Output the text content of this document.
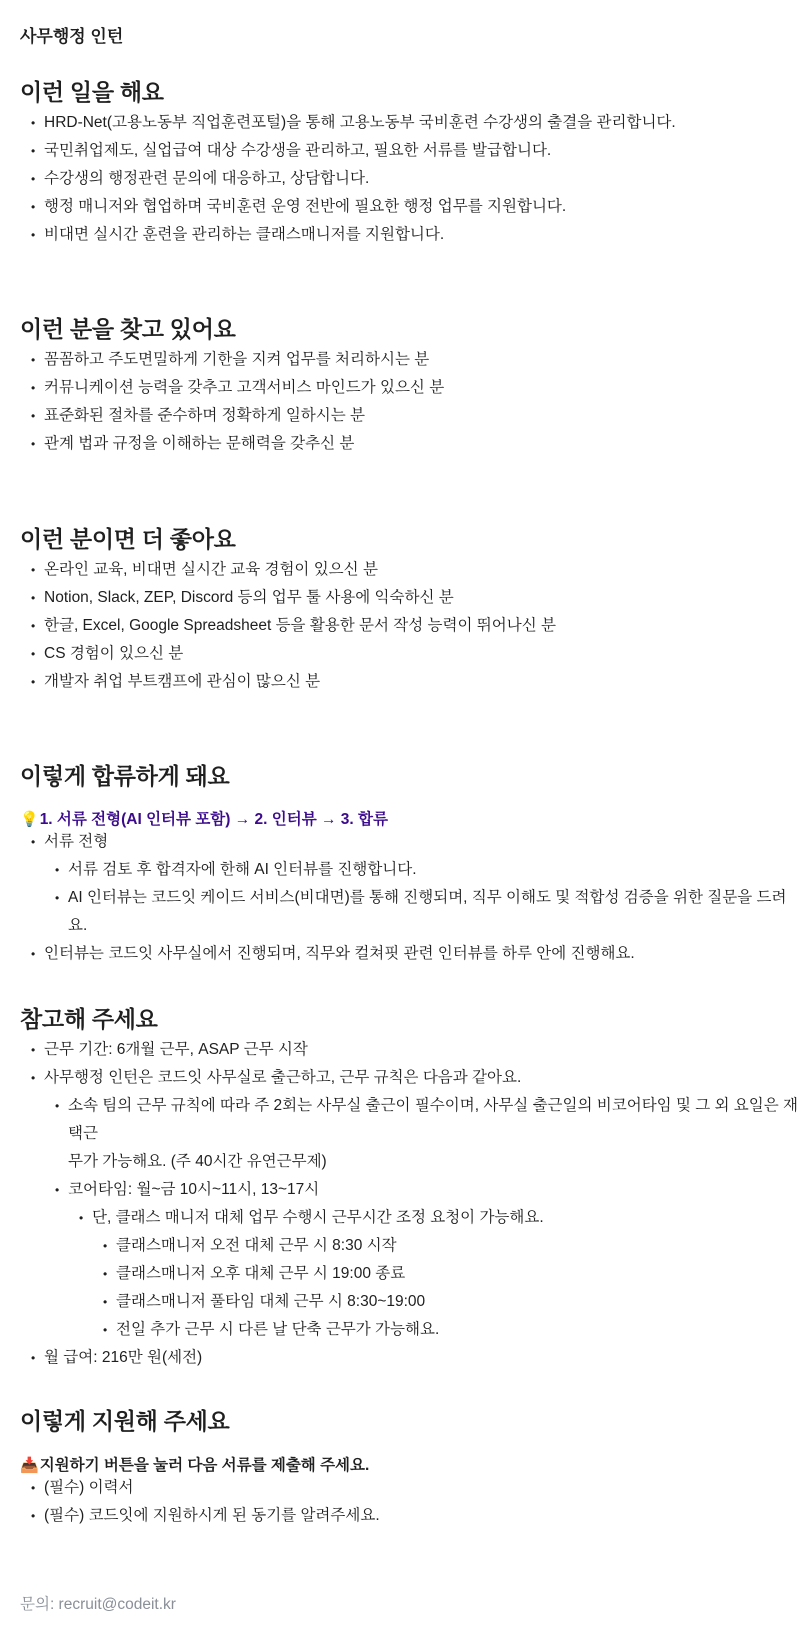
사무행정 인턴

이런 일을 해요
• HRD-Net(고용노동부 직업훈련포털)을 통해 고용노동부 국비훈련 수강생의 출결을 관리합니다.
• 국민취업제도, 실업급여 대상 수강생을 관리하고, 필요한 서류를 발급합니다.
• 수강생의 행정관련 문의에 대응하고, 상담합니다.
• 행정 매니저와 협업하며 국비훈련 운영 전반에 필요한 행정 업무를 지원합니다.
• 비대면 실시간 훈련을 관리하는 클래스매니저를 지원합니다.
이런 분을 찾고 있어요
• 꼼꼼하고 주도면밀하게 기한을 지켜 업무를 처리하시는 분
• 커뮤니케이션 능력을 갖추고 고객서비스 마인드가 있으신 분
• 표준화된 절차를 준수하며 정확하게 일하시는 분
• 관계 법과 규정을 이해하는 문해력을 갖추신 분
이런 분이면 더 좋아요
• 온라인 교육, 비대면 실시간 교육 경험이 있으신 분
• Notion, Slack, ZEP, Discord 등의 업무 툴 사용에 익숙하신 분
• 한글, Excel, Google Spreadsheet 등을 활용한 문서 작성 능력이 뛰어나신 분
• CS 경험이 있으신 분
• 개발자 취업 부트캠프에 관심이 많으신 분
이렇게 합류하게 돼요

💡1. 서류 전형(AI 인터뷰 포함) → 2. 인터뷰 → 3. 합류

• 서류 전형
• 서류 검토 후 합격자에 한해 AI 인터뷰를 진행합니다.
• AI 인터뷰는 코드잇 케이드 서비스(비대면)를 통해 진행되며, 직무 이해도 및 적합성 검증을 위한 질문을 드려요.
• 인터뷰는 코드잇 사무실에서 진행되며, 직무와 컬쳐핏 관련 인터뷰를 하루 안에 진행해요.
참고해 주세요
• 근무 기간: 6개월 근무, ASAP 근무 시작
• 사무행정 인턴은 코드잇 사무실로 출근하고, 근무 규칙은 다음과 같아요.
• 소속 팀의 근무 규칙에 따라 주 2회는 사무실 출근이 필수이며, 사무실 출근일의 비코어타임 및 그 외 요일은 재택근
무가 가능해요. (주 40시간 유연근무제)
• 코어타임: 월~금 10시~11시, 13~17시
• 단, 클래스 매니저 대체 업무 수행시 근무시간 조정 요청이 가능해요.
• 클래스매니저 오전 대체 근무 시 8:30 시작
• 클래스매니저 오후 대체 근무 시 19:00 종료
• 클래스매니저 풀타임 대체 근무 시 8:30~19:00
• 전일 추가 근무 시 다른 날 단축 근무가 가능해요.
• 월 급여: 216만 원(세전)
이렇게 지원해 주세요

📥지원하기 버튼을 눌러 다음 서류를 제출해 주세요.

• (필수) 이력서
• (필수) 코드잇에 지원하시게 된 동기를 알려주세요.

문의: recruit@codeit.kr
